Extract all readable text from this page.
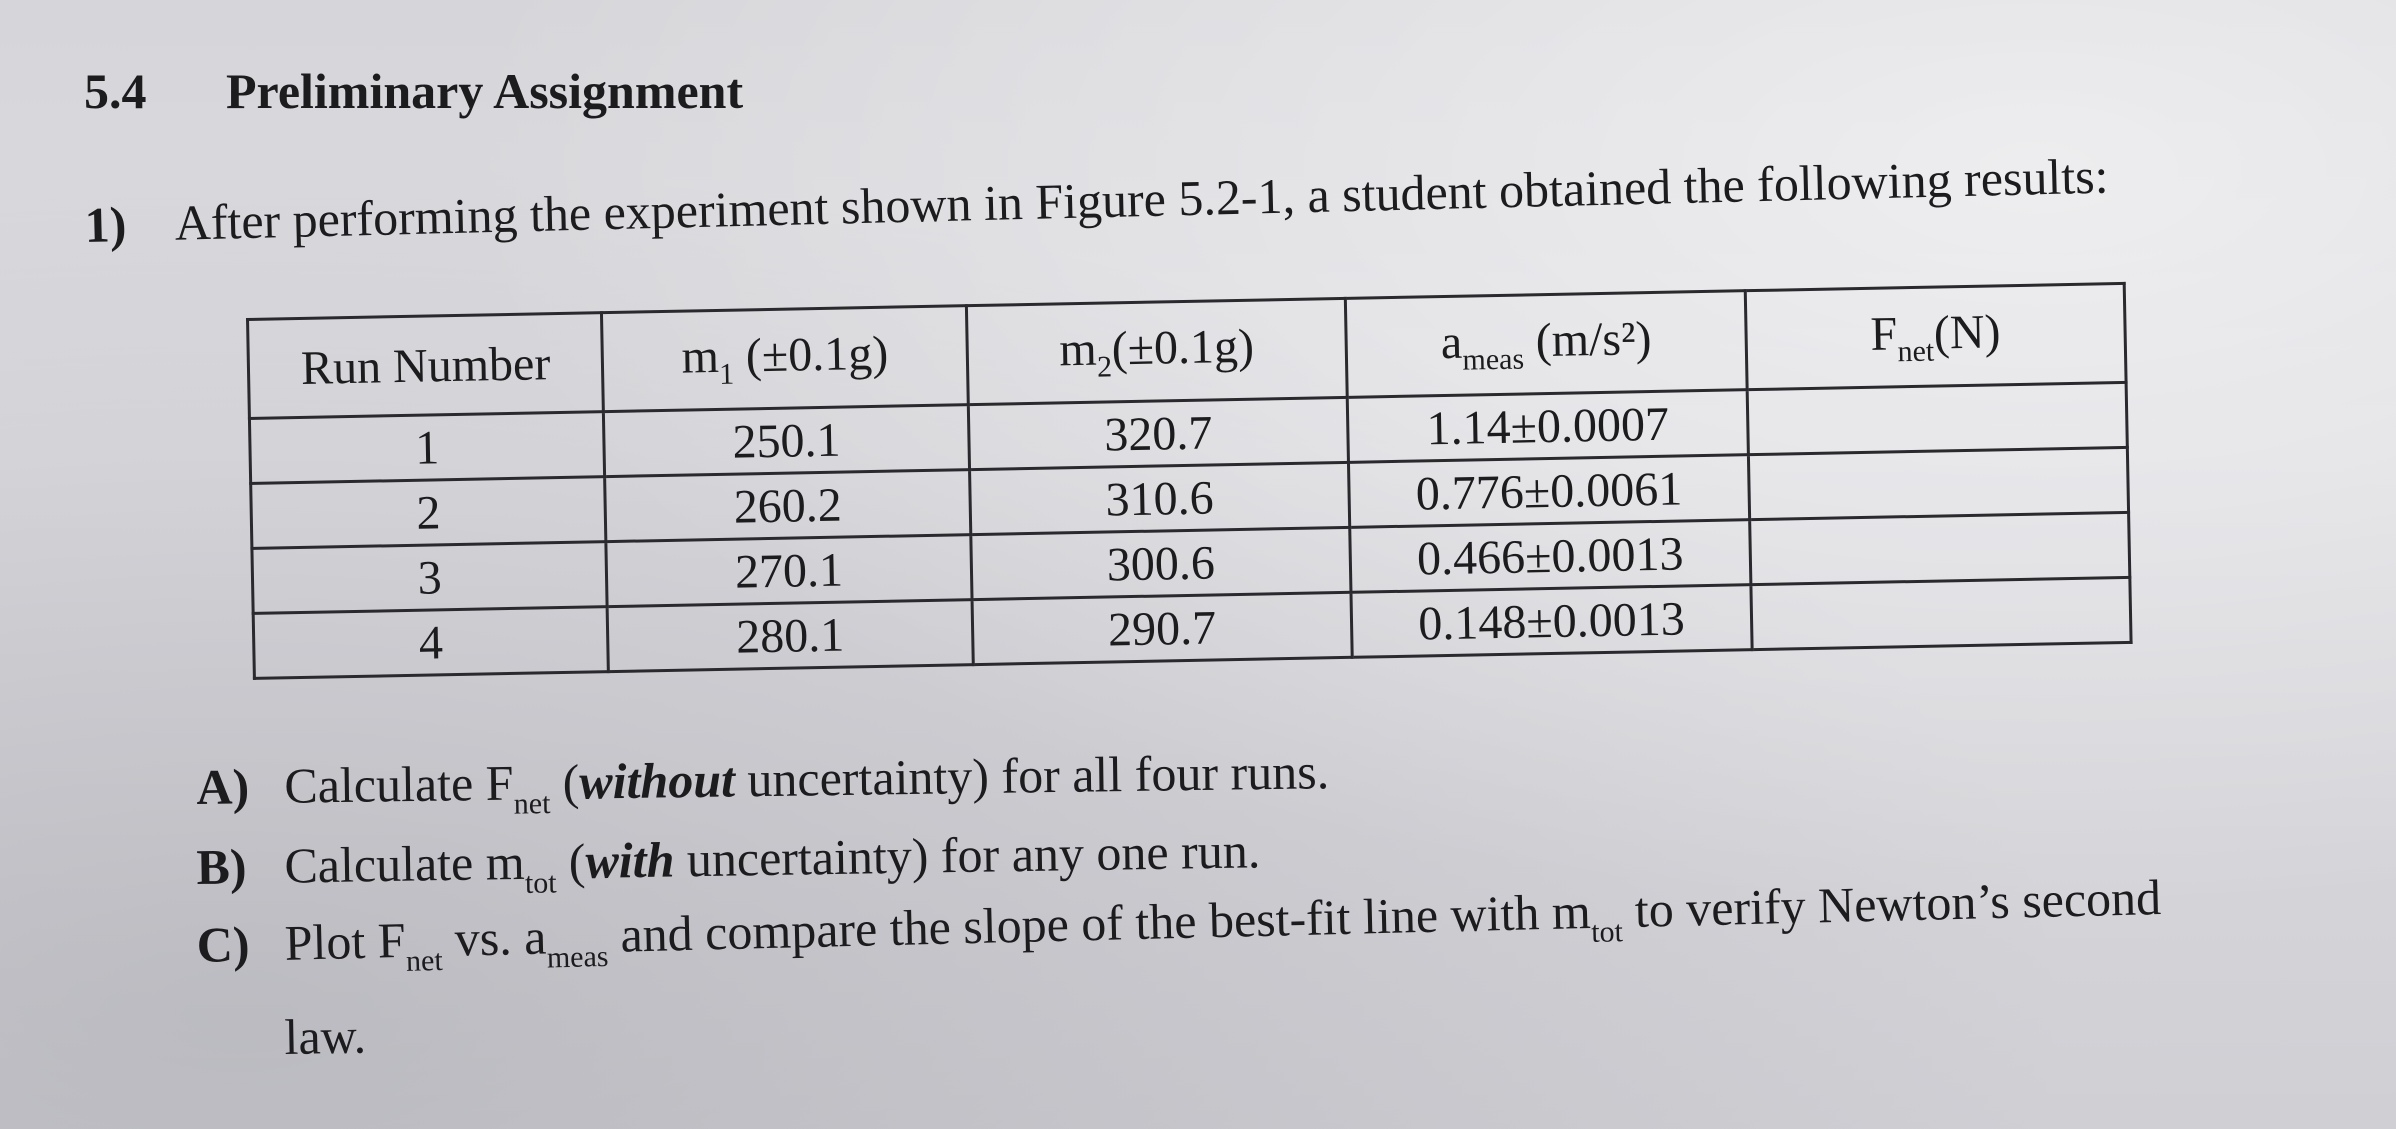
5.4 Preliminary Assignment
1) After performing the experiment shown in Figure 5.2-1, a student obtained the following results:
Run Number	$m_1$ (±0.1g)	$m_2(\pm 0.1g)$	$a_{meas}$ (m/s²)	$F_{net}(N)$
1	250.1	320.7	1.14±0.0007	
2	260.2	310.6	0.776±0.0061	
3	270.1	300.6	0.466±0.0013	
4	280.1	290.7	0.148±0.0013	
A) Calculate $F_{net}$ (without uncertainty) for all four runs.
B) Calculate $m_{tot}$ (with uncertainty) for any one run.
C) Plot $F_{net}$ vs. $a_{meas}$ and compare the slope of the best-fit line with $m_{tot}$ to verify Newton’s second
law.
